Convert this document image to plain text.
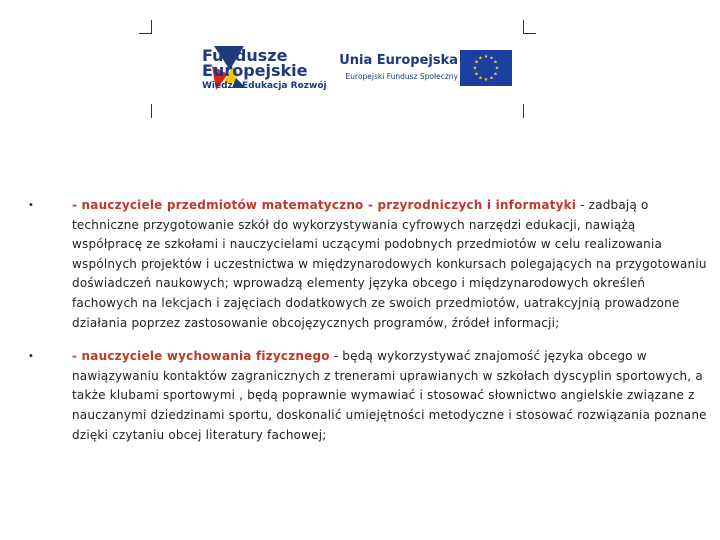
Fundusze
Europejskie
Wiedza Edukacja Rozwój
Unia Europejska
Europejski Fundusz Społeczny
★ ★
★
★
★
★
★
★
★
★
★
★
•	- nauczyciele przedmiotów matematyczno - przyrodniczych i informatyki - zadbają o techniczne przygotowanie szkół do wykorzystywania cyfrowych narzędzi edukacji, nawiążą współpracę ze szkołami i nauczycielami uczącymi podobnych przedmiotów w celu realizowania wspólnych projektów i uczestnictwa w międzynarodowych konkursach polegających na przygotowaniu doświadczeń naukowych; wprowadzą elementy języka obcego i międzynarodowych określeń fachowych na lekcjach i zajęciach dodatkowych ze swoich przedmiotów, uatrakcyjnią prowadzone działania poprzez zastosowanie obcojęzycznych programów, źródeł informacji;
•	- nauczyciele wychowania fizycznego - będą wykorzystywać znajomość języka obcego w nawiązywaniu kontaktów zagranicznych z trenerami uprawianych w szkołach dyscyplin sportowych, a także klubami sportowymi , będą poprawnie wymawiać i stosować słownictwo angielskie związane z nauczanymi dziedzinami sportu, doskonalić umiejętności metodyczne i stosować rozwiązania poznane dzięki czytaniu obcej literatury fachowej;
